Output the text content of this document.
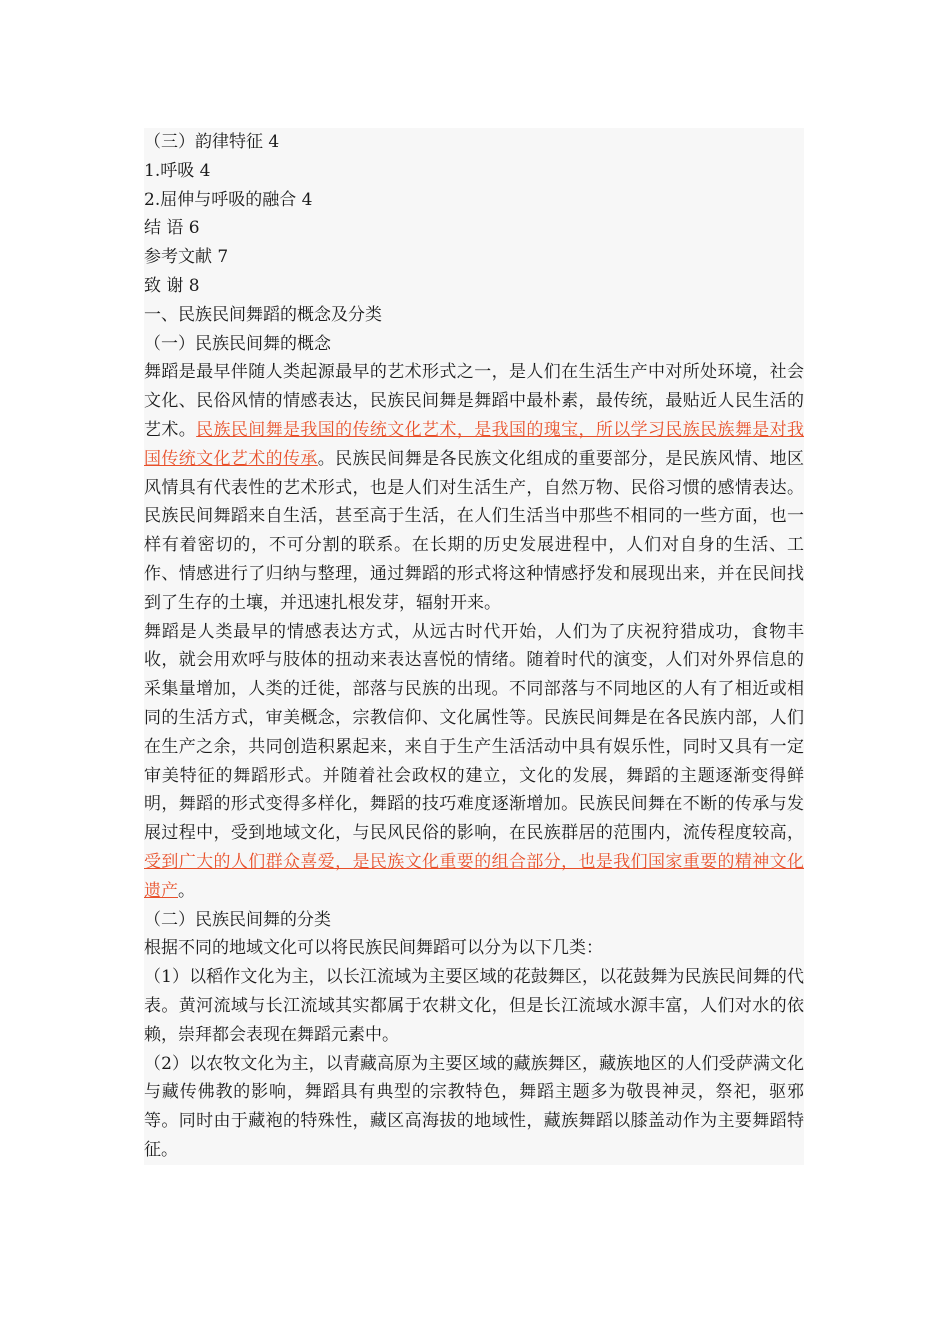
（三）韵律特征 4
1.呼吸 4
2.屈伸与呼吸的融合 4
结 语 6
参考文献 7
致 谢 8
一、民族民间舞蹈的概念及分类
（一）民族民间舞的概念

舞蹈是最早伴随人类起源最早的艺术形式之一，是人们在生活生产中对所处环境，社会文化、民俗风情的情感表达，民族民间舞是舞蹈中最朴素，最传统，最贴近人民生活的艺术。民族民间舞是我国的传统文化艺术，是我国的瑰宝，所以学习民族民族舞是对我国传统文化艺术的传承。民族民间舞是各民族文化组成的重要部分，是民族风情、地区风情具有代表性的艺术形式，也是人们对生活生产，自然万物、民俗习惯的感情表达。民族民间舞蹈来自生活，甚至高于生活，在人们生活当中那些不相同的一些方面，也一样有着密切的，不可分割的联系。在长期的历史发展进程中，人们对自身的生活、工作、情感进行了归纳与整理，通过舞蹈的形式将这种情感抒发和展现出来，并在民间找到了生存的土壤，并迅速扎根发芽，辐射开来。

舞蹈是人类最早的情感表达方式，从远古时代开始，人们为了庆祝狩猎成功，食物丰收，就会用欢呼与肢体的扭动来表达喜悦的情绪。随着时代的演变，人们对外界信息的采集量增加，人类的迁徙，部落与民族的出现。不同部落与不同地区的人有了相近或相同的生活方式，审美概念，宗教信仰、文化属性等。民族民间舞是在各民族内部，人们在生产之余，共同创造积累起来，来自于生产生活活动中具有娱乐性，同时又具有一定审美特征的舞蹈形式。并随着社会政权的建立，文化的发展，舞蹈的主题逐渐变得鲜明，舞蹈的形式变得多样化，舞蹈的技巧难度逐渐增加。民族民间舞在不断的传承与发展过程中，受到地域文化，与民风民俗的影响，在民族群居的范围内，流传程度较高，受到广大的人们群众喜爱，是民族文化重要的组合部分，也是我们国家重要的精神文化遗产。

（二）民族民间舞的分类

根据不同的地域文化可以将民族民间舞蹈可以分为以下几类：

（1）以稻作文化为主，以长江流域为主要区域的花鼓舞区，以花鼓舞为民族民间舞的代表。黄河流域与长江流域其实都属于农耕文化，但是长江流域水源丰富，人们对水的依赖，崇拜都会表现在舞蹈元素中。

（2）以农牧文化为主，以青藏高原为主要区域的藏族舞区，藏族地区的人们受萨满文化与藏传佛教的影响，舞蹈具有典型的宗教特色，舞蹈主题多为敬畏神灵，祭祀，驱邪等。同时由于藏袍的特殊性，藏区高海拔的地域性，藏族舞蹈以膝盖动作为主要舞蹈特征。
